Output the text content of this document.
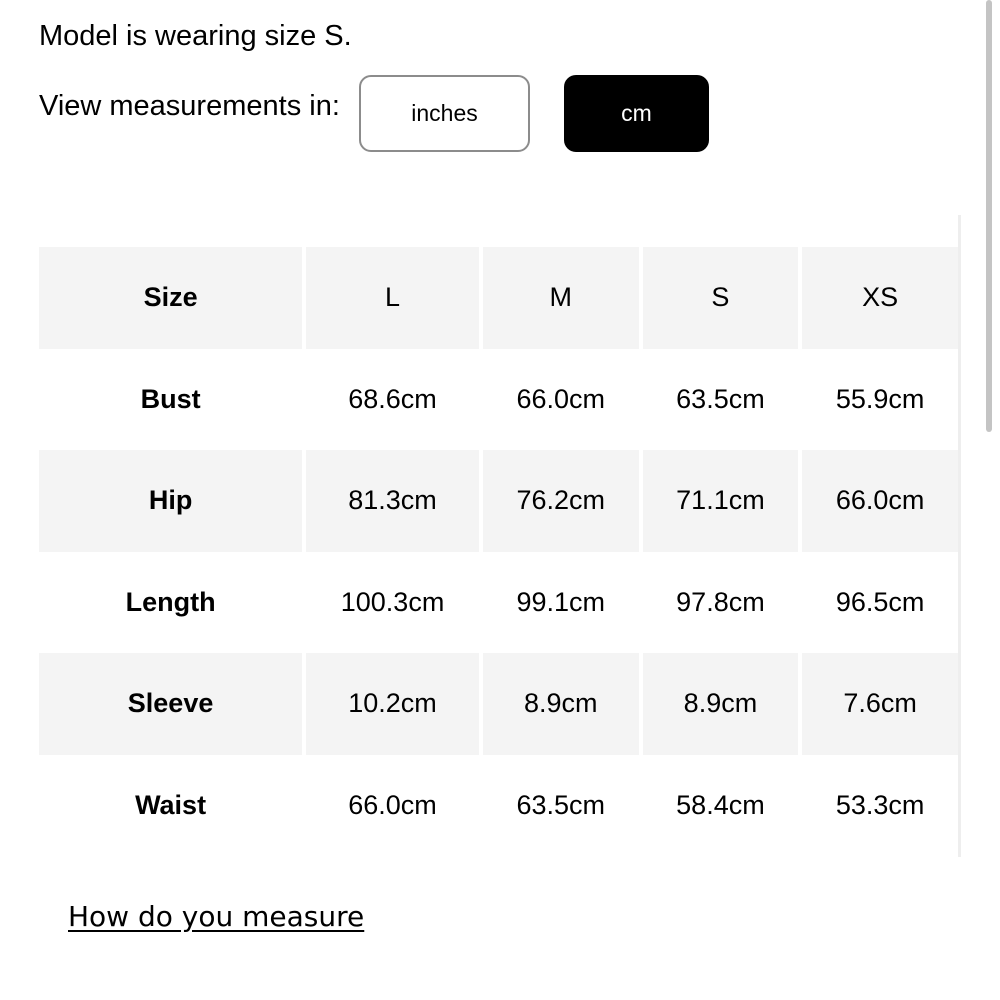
Model is wearing size S.
View measurements in:	inches	cm
Size	L	M	S	XS
Bust	68.6cm	66.0cm	63.5cm	55.9cm
Hip	81.3cm	76.2cm	71.1cm	66.0cm
Length	100.3cm	99.1cm	97.8cm	96.5cm
Sleeve	10.2cm	8.9cm	8.9cm	7.6cm
Waist	66.0cm	63.5cm	58.4cm	53.3cm
How do you measure
